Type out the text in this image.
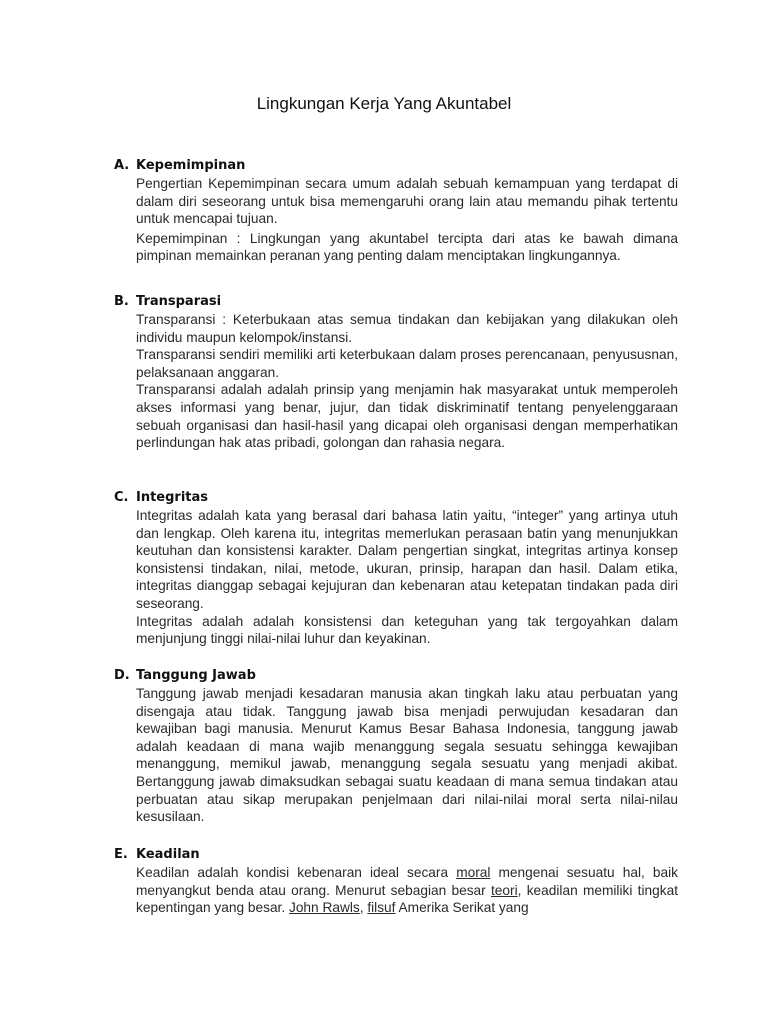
Lingkungan Kerja Yang Akuntabel
A. Kepemimpinan

Pengertian Kepemimpinan secara umum adalah sebuah kemampuan yang terdapat di dalam diri seseorang untuk bisa memengaruhi orang lain atau memandu pihak tertentu untuk mencapai tujuan.

Kepemimpinan : Lingkungan yang akuntabel tercipta dari atas ke bawah dimana pimpinan memainkan peranan yang penting dalam menciptakan lingkungannya.

B. Transparasi

Transparansi : Keterbukaan atas semua tindakan dan kebijakan yang dilakukan oleh individu maupun kelompok/instansi.

Transparansi sendiri memiliki arti keterbukaan dalam proses perencanaan, penyususnan, pelaksanaan anggaran.

Transparansi adalah adalah prinsip yang menjamin hak masyarakat untuk memperoleh akses informasi yang benar, jujur, dan tidak diskriminatif tentang penyelenggaraan sebuah organisasi dan hasil-hasil yang dicapai oleh organisasi dengan memperhatikan perlindungan hak atas pribadi, golongan dan rahasia negara.

C. Integritas

Integritas adalah kata yang berasal dari bahasa latin yaitu, “integer” yang artinya utuh dan lengkap. Oleh karena itu, integritas memerlukan perasaan batin yang menunjukkan keutuhan dan konsistensi karakter. Dalam pengertian singkat, integritas artinya konsep konsistensi tindakan, nilai, metode, ukuran, prinsip, harapan dan hasil. Dalam etika, integritas dianggap sebagai kejujuran dan kebenaran atau ketepatan tindakan pada diri seseorang.

Integritas adalah adalah konsistensi dan keteguhan yang tak tergoyahkan dalam menjunjung tinggi nilai-nilai luhur dan keyakinan.

D. Tanggung Jawab

Tanggung jawab menjadi kesadaran manusia akan tingkah laku atau perbuatan yang disengaja atau tidak. Tanggung jawab bisa menjadi perwujudan kesadaran dan kewajiban bagi manusia. Menurut Kamus Besar Bahasa Indonesia, tanggung jawab adalah keadaan di mana wajib menanggung segala sesuatu sehingga kewajiban menanggung, memikul jawab, menanggung segala sesuatu yang menjadi akibat. Bertanggung jawab dimaksudkan sebagai suatu keadaan di mana semua tindakan atau perbuatan atau sikap merupakan penjelmaan dari nilai-nilai moral serta nilai-nilau kesusilaan.

E. Keadilan

Keadilan adalah kondisi kebenaran ideal secara moral mengenai sesuatu hal, baik menyangkut benda atau orang. Menurut sebagian besar teori, keadilan memiliki tingkat kepentingan yang besar. John Rawls, filsuf Amerika Serikat yang
